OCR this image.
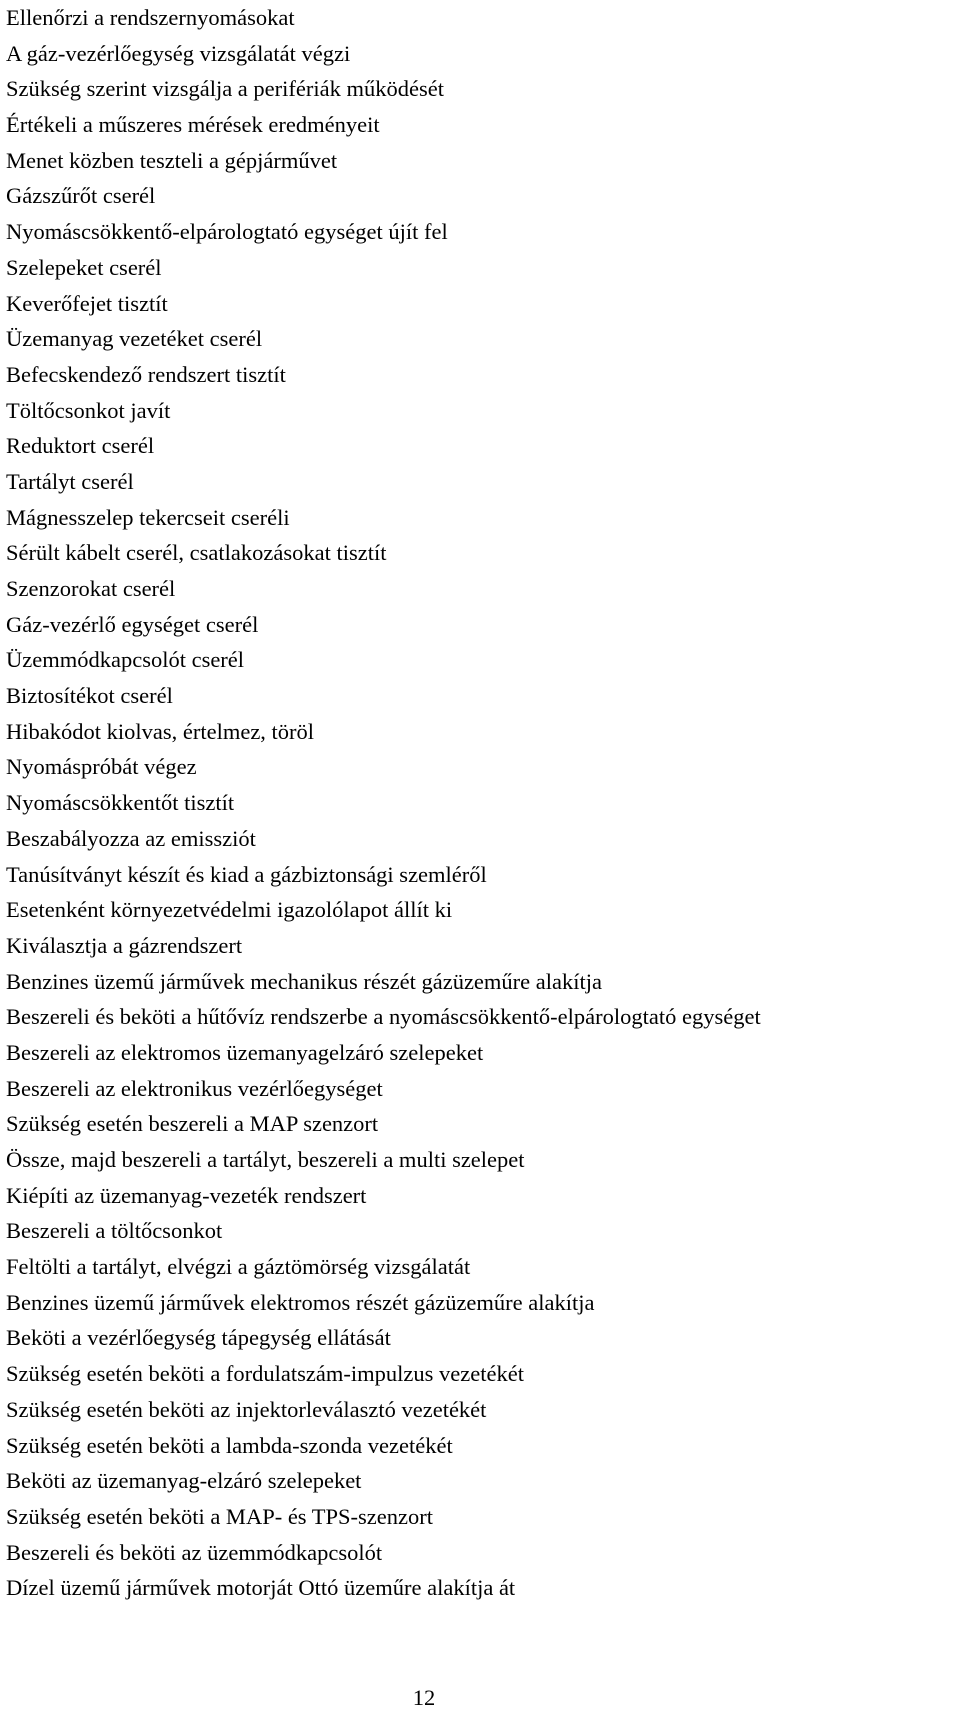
Ellenőrzi a rendszernyomásokat
A gáz-vezérlőegység vizsgálatát végzi
Szükség szerint vizsgálja a perifériák működését
Értékeli a műszeres mérések eredményeit
Menet közben teszteli a gépjárművet
Gázszűrőt cserél
Nyomáscsökkentő-elpárologtató egységet újít fel
Szelepeket cserél
Keverőfejet tisztít
Üzemanyag vezetéket cserél
Befecskendező rendszert tisztít
Töltőcsonkot javít
Reduktort cserél
Tartályt cserél
Mágnesszelep tekercseit cseréli
Sérült kábelt cserél, csatlakozásokat tisztít
Szenzorokat cserél
Gáz-vezérlő egységet cserél
Üzemmódkapcsolót cserél
Biztosítékot cserél
Hibakódot kiolvas, értelmez, töröl
Nyomáspróbát végez
Nyomáscsökkentőt tisztít
Beszabályozza az emissziót
Tanúsítványt készít és kiad a gázbiztonsági szemléről
Esetenként környezetvédelmi igazolólapot állít ki
Kiválasztja a gázrendszert
Benzines üzemű járművek mechanikus részét gázüzeműre alakítja
Beszereli és beköti a hűtővíz rendszerbe a nyomáscsökkentő-elpárologtató egységet
Beszereli az elektromos üzemanyagelzáró szelepeket
Beszereli az elektronikus vezérlőegységet
Szükség esetén beszereli a MAP szenzort
Össze, majd beszereli a tartályt, beszereli a multi szelepet
Kiépíti az üzemanyag-vezeték rendszert
Beszereli a töltőcsonkot
Feltölti a tartályt, elvégzi a gáztömörség vizsgálatát
Benzines üzemű járművek elektromos részét gázüzeműre alakítja
Beköti a vezérlőegység tápegység ellátását
Szükség esetén beköti a fordulatszám-impulzus vezetékét
Szükség esetén beköti az injektorleválasztó vezetékét
Szükség esetén beköti a lambda-szonda vezetékét
Beköti az üzemanyag-elzáró szelepeket
Szükség esetén beköti a MAP- és TPS-szenzort
Beszereli és beköti az üzemmódkapcsolót
Dízel üzemű járművek motorját Ottó üzeműre alakítja át
12
